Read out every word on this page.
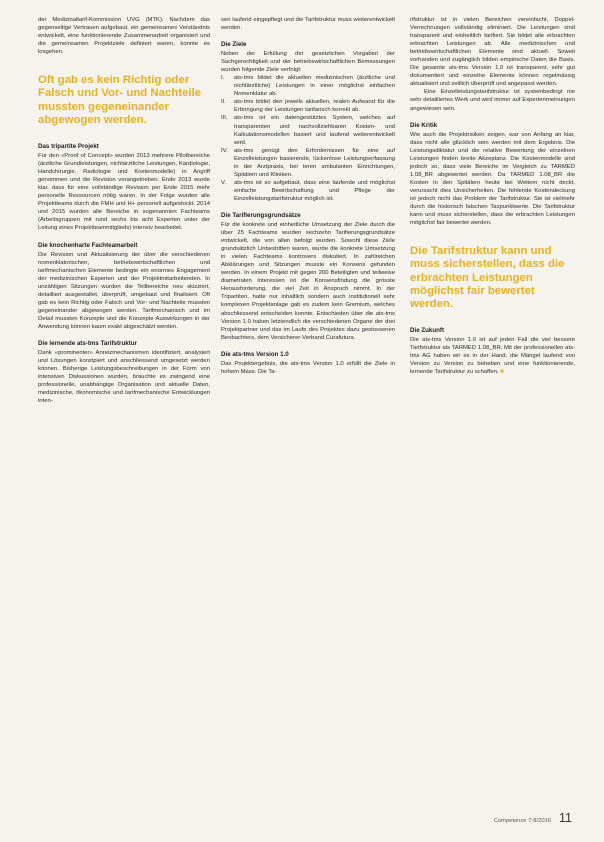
der Medizinaltarif-Kommission UVG (MTK). Nachdem das gegenseitige Vertrauen aufgebaut, ein gemeinsames Verständnis entwickelt, eine funktionierende Zusammenarbeit organisiert und die gemeinsamen Projektziele definiert waren, konnte es losgehen.

Oft gab es kein Richtig oder Falsch und Vor- und Nachteile mussten gegeneinander abgewogen werden.
Das tripartite Projekt

Für den «Proof of Concept» wurden 2013 mehrere Pilotbereiche (ärztliche Grundleistungen, nichtärztliche Leistungen, Kardiologie, Handchirurgie, Radiologie und Kostenmodelle) in Angriff genommen und die Revision vorangetrieben. Ende 2013 wurde klar, dass für eine vollständige Revision per Ende 2015 mehr personelle Ressourcen nötig waren. In der Folge wurden alle Projektteams durch die FMH und H+ personell aufgestockt. 2014 und 2015 wurden alle Bereiche in sogenannten Fachteams (Arbeitsgruppen mit rund sechs bis acht Experten unter der Leitung eines Projektteammitglieds) intensiv bearbeitet.

Die knochenharte Fachteamarbeit

Die Revision und Aktualisierung der über die verschiedenen nomenklatorischen, betriebswirtschaftlichen und tarifmechanischen Elemente bedingte ein enormes Engagement der medizinischen Experten und der Projektmitarbeitenden. In unzähligen Sitzungen wurden die Teilbereiche neu skizziert, detailliert ausgestaltet, überprüft, umgebaut und finalisiert. Oft gab es kein Richtig oder Falsch und Vor- und Nachteile mussten gegeneinander abgewogen werden. Tarifmechanisch und im Detail mussten Konzepte und die Konzepte Auswirkungen in der Anwendung können kaum exakt abgeschätzt werden.

Die lernende ats-tms Tarifstruktur

Dank «prominenter» Anreizmechanismen identifiziert, analysiert und Lösungen konzipiert und anschliessend umgesetzt werden können. Bisherige Leistungsbeschreibungen in der Form von intensiven Diskussionen wurden, bräuchte es zwingend eine professionelle, unabhängige Organisation und aktuelle Daten, medizinische, ökonomische und tarifmechanische Entwicklungen inten-

sen laufend eingepflegt und die Tarifstruktur muss weiterentwickelt werden.

Die Ziele

Neben der Erfüllung der gesetzlichen Vorgaben der Sachgerechtigkeit und der betriebswirtschaftlichen Bemessungen wurden folgende Ziele verfolgt:

I.	ats-tms bildet die aktuellen medizinischen (ärztliche und nichtärztliche) Leistungen in einer möglichst einfachen Nomenklatur ab.
II.	ats-tms bildet den jeweils aktuellen, realen Aufwand für die Erbringung der Leistungen tarifarisch korrekt ab.
III.	ats-tms ist ein datengestütztes System, welches auf transparenten und nachvollziehbaren Kosten- und Kalkulationsmodellen basiert und laufend weiterentwickelt wird.
IV.	ats-tms genügt den Erfordernissen für eine auf Einzelleistungen basierende, lückenlose Leistungserfassung in der Arztpraxis, bei teren ambulanten Einrichtungen, Spitälern und Kliniken.
V.	ats-tms ist so aufgebaut, dass eine laufende und möglichst einfache Bewirtschaftung und Pflege der Einzelleistungstarifstruktur möglich ist.
Die Tarifierungsgrundsätze

Für die konkrete und einheitliche Umsetzung der Ziele durch die über 25 Fachteams wurden sechzehn Tarifierungsgrundsätze entwickelt, die von allen befolgt wurden. Sowohl diese Ziele grundsätzlich Unbestritten waren, wurde die konkrete Umsetzung in vielen Fachteams kontrovers diskutiert. In zahlreichen Abklärungen und Sitzungen musste ein Konsens gefunden werden. In einem Projekt mit gegen 200 Beteiligten und teilweise diametralen Interessen ist die Konsensfindung die grösste Herausforderung, die viel Zeit in Anspruch nimmt. In der Tripartiten, hatte nur inhaltlich sondern auch institutionell sehr komplexen Projektanlage gab es zudem kein Gremium, welches abschliessend entscheiden konnte. Entschieden über die ats-tms Version 1.0 haben letztendlich die verschiedenen Organe der drei Projektpartner und das im Laufe des Projektes dazu gestossenen Beobachters, dem Versicherer-Verband Curafutura.

Die ats-tms Version 1.0

Das Projektergebnis, die ats-tms Version 1.0 erfüllt die Ziele in hohem Mass. Die Ta-

rifstruktur ist in vielen Bereichen vereinfacht, Doppel- Verrechnungen vollständig eliminiert. Die Leistungen sind transparent und einheitlich tarifiert. Sie bildet alle erbrachten erbrachten Leistungen ab. Alle medizinischen und betriebswirtschaftlichen Elemente sind aktuell. Soweit vorhanden und zugänglich bilden empirische Daten die Basis. Die gesamte ats-tms Version 1.0 ist transparent, sehr gut dokumentiert und einzelne Elemente können regelmässig aktualisiert und zeitlich überprüft und angepasst werden.

Eine Einzelleistungstarifstruktur ist systembedingt nie sehr detailliertes Werk und wird immer auf Expertenmeinungen angewiesen sein.

Die Kritik

Wie auch die Projektrisiken zeigen, war von Anfang an klar, dass nicht alle glücklich sein werden mit dem Ergebnis. Die Leistungsdiktatur und die relative Bewertung der einzelnen Leistungen finden breite Akzeptanz. Die Kostenmodelle sind jedoch so, dass viele Bereiche im Vergleich zu TARMED 1.08_BR abgewertet werden. Da TARMED 1.08_BR die Kosten in den Spitälern heute bei Weitem nicht deckt, verursacht dies Unsicherheiten. Die fehlende Kostendeckung ist jedoch nicht das Problem der Tarifstruktur. Sie ist vielmehr durch die historisch falschen Taxpunktwerte. Die Tarifstruktur kann und muss sicherstellen, dass die erbrachten Leistungen möglichst fair bewertet werden.

Die Tarifstruktur kann und muss sicherstellen, dass die erbrachten Leistungen möglichst fair bewertet werden.
Die Zukunft

Die ats-tms Version 1.0 ist auf jeden Fall die viel bessere Tarifstruktur als TARMED 1.08_BR. Mit der professionellen ats-tms AG haben wir es in der Hand, die Mängel laufend von Version zu Version zu beheben und eine funktionierende, lernende Tarifstruktur zu schaffen. ■

Competence 7-8/2016 11
